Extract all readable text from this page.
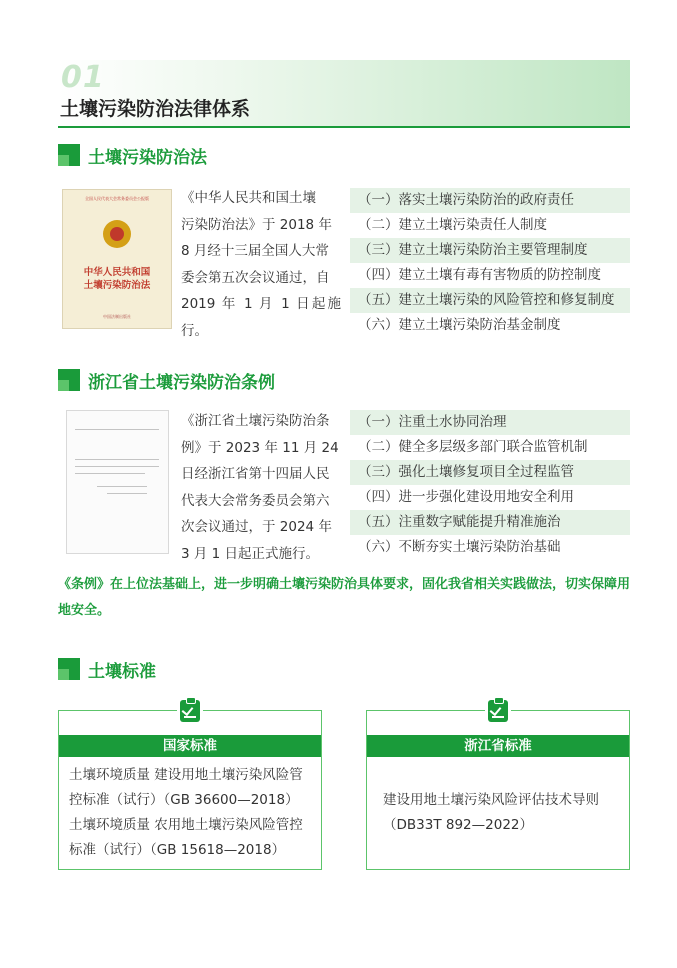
01
土壤污染防治法律体系
土壤污染防治法
全国人民代表大会常务委员会公报版
中华人民共和国
土壤污染防治法
中国法制出版社
《中华人民共和国土壤
污染防治法》于 2018 年
8 月经十三届全国人大常
委会第五次会议通过，自
2019 年 1 月 1 日起施行。
（一）落实土壤污染防治的政府责任
（二）建立土壤污染责任人制度
（三）建立土壤污染防治主要管理制度
（四）建立土壤有毒有害物质的防控制度
（五）建立土壤污染的风险管控和修复制度
（六）建立土壤污染防治基金制度
浙江省土壤污染防治条例
《浙江省土壤污染防治条
例》于 2023 年 11 月 24
日经浙江省第十四届人民
代表大会常务委员会第六
次会议通过，于 2024 年
3 月 1 日起正式施行。
（一）注重土水协同治理
（二）健全多层级多部门联合监管机制
（三）强化土壤修复项目全过程监管
（四）进一步强化建设用地安全利用
（五）注重数字赋能提升精准施治
（六）不断夯实土壤污染防治基础
《条例》在上位法基础上，进一步明确土壤污染防治具体要求，固化我省相关实践做法，切实保障用地安全。
土壤标准
国家标准
土壤环境质量 建设用地土壤污染风险管
控标准（试行）（GB 36600—2018）
土壤环境质量 农用地土壤污染风险管控
标准（试行）（GB 15618—2018）
浙江省标准
建设用地土壤污染风险评估技术导则
（DB33T 892—2022）
